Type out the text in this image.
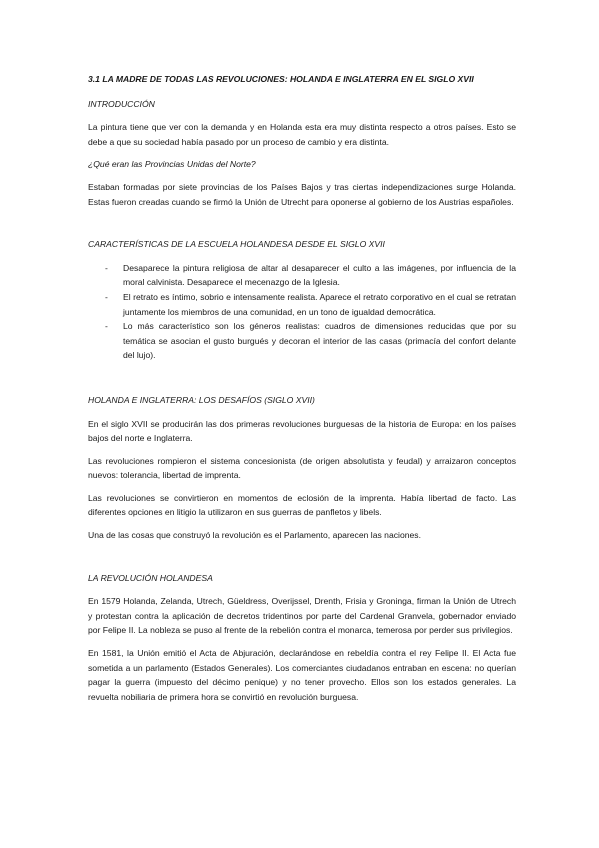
3.1 LA MADRE DE TODAS LAS REVOLUCIONES: HOLANDA E INGLATERRA EN EL SIGLO XVII

INTRODUCCIÓN

La pintura tiene que ver con la demanda y en Holanda esta era muy distinta respecto a otros países. Esto se debe a que su sociedad había pasado por un proceso de cambio y era distinta.

¿Qué eran las Provincias Unidas del Norte?

Estaban formadas por siete provincias de los Países Bajos y tras ciertas independizaciones surge Holanda. Estas fueron creadas cuando se firmó la Unión de Utrecht para oponerse al gobierno de los Austrias españoles.

CARACTERÍSTICAS DE LA ESCUELA HOLANDESA DESDE EL SIGLO XVII

- Desaparece la pintura religiosa de altar al desaparecer el culto a las imágenes, por influencia de la moral calvinista. Desaparece el mecenazgo de la Iglesia.
- El retrato es íntimo, sobrio e intensamente realista. Aparece el retrato corporativo en el cual se retratan juntamente los miembros de una comunidad, en un tono de igualdad democrática.
- Lo más característico son los géneros realistas: cuadros de dimensiones reducidas que por su temática se asocian el gusto burgués y decoran el interior de las casas (primacía del confort delante del lujo).

HOLANDA E INGLATERRA: LOS DESAFÍOS (SIGLO XVII)

En el siglo XVII se producirán las dos primeras revoluciones burguesas de la historia de Europa: en los países bajos del norte e Inglaterra.

Las revoluciones rompieron el sistema concesionista (de origen absolutista y feudal) y arraizaron conceptos nuevos: tolerancia, libertad de imprenta.

Las revoluciones se convirtieron en momentos de eclosión de la imprenta. Había libertad de facto. Las diferentes opciones en litigio la utilizaron en sus guerras de panfletos y libels.

Una de las cosas que construyó la revolución es el Parlamento, aparecen las naciones.

LA REVOLUCIÓN HOLANDESA

En 1579 Holanda, Zelanda, Utrech, Güeldress, Overijssel, Drenth, Frisia y Groninga, firman la Unión de Utrech y protestan contra la aplicación de decretos tridentinos por parte del Cardenal Granvela, gobernador enviado por Felipe II. La nobleza se puso al frente de la rebelión contra el monarca, temerosa por perder sus privilegios.

En 1581, la Unión emitió el Acta de Abjuración, declarándose en rebeldía contra el rey Felipe II. El Acta fue sometida a un parlamento (Estados Generales). Los comerciantes ciudadanos entraban en escena: no querían pagar la guerra (impuesto del décimo penique) y no tener provecho. Ellos son los estados generales. La revuelta nobiliaria de primera hora se convirtió en revolución burguesa.
